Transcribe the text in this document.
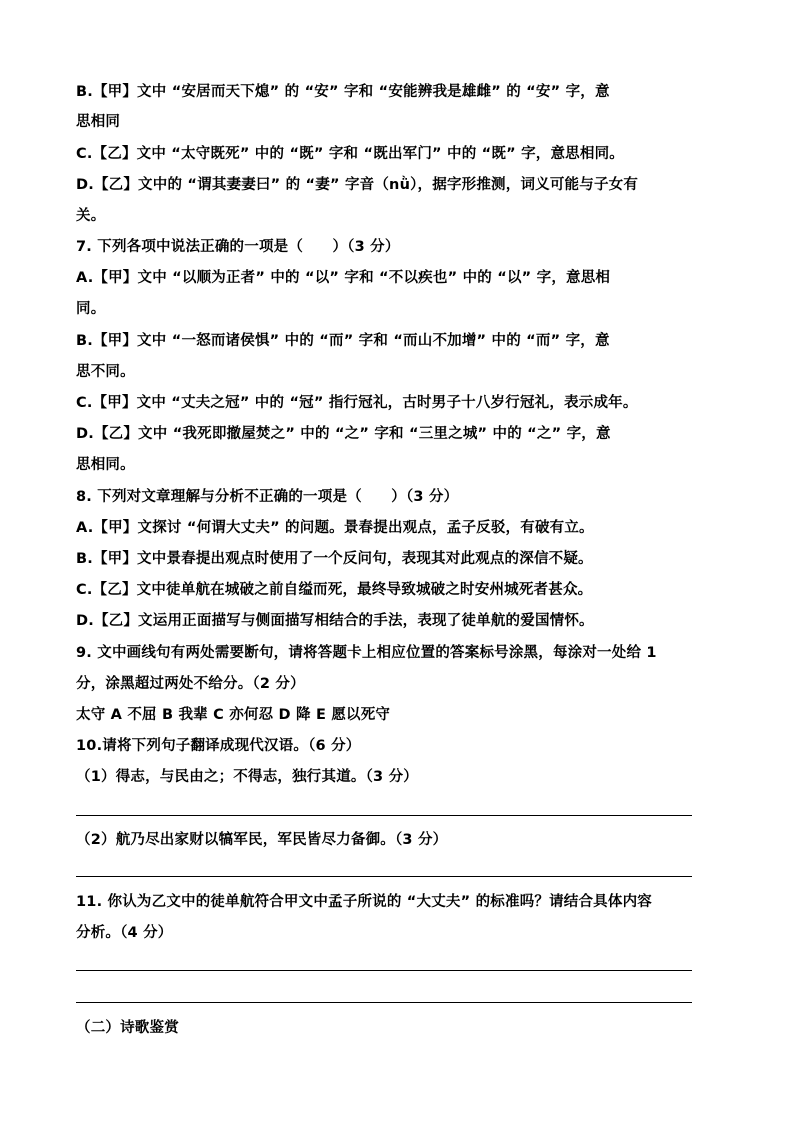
B.【甲】文中 “安居而天下熄” 的 “安” 字和 “安能辨我是雄雌” 的 “安” 字，意
思相同
C.【乙】文中 “太守既死” 中的 “既” 字和 “既出军门” 中的 “既” 字，意思相同。
D.【乙】文中的 “谓其妻妻曰” 的 “妻” 字音（nǜ），据字形推测，词义可能与子女有
关。
7. 下列各项中说法正确的一项是（　　）（3 分）
A.【甲】文中 “以顺为正者” 中的 “以” 字和 “不以疾也” 中的 “以” 字，意思相
同。
B.【甲】文中 “一怒而诸侯惧” 中的 “而” 字和 “而山不加增” 中的 “而” 字，意
思不同。
C.【甲】文中 “丈夫之冠” 中的 “冠” 指行冠礼，古时男子十八岁行冠礼，表示成年。
D.【乙】文中 “我死即撤屋焚之” 中的 “之” 字和 “三里之城” 中的 “之” 字，意
思相同。
8. 下列对文章理解与分析不正确的一项是（　　）（3 分）
A.【甲】文探讨 “何谓大丈夫” 的问题。景春提出观点，孟子反驳，有破有立。
B.【甲】文中景春提出观点时使用了一个反问句，表现其对此观点的深信不疑。
C.【乙】文中徒单航在城破之前自缢而死，最终导致城破之时安州城死者甚众。
D.【乙】文运用正面描写与侧面描写相结合的手法，表现了徒单航的爱国情怀。
9. 文中画线句有两处需要断句，请将答题卡上相应位置的答案标号涂黑，每涂对一处给 1
分，涂黑超过两处不给分。（2 分）
太守 A 不屈 B 我辈 C 亦何忍 D 降 E 愿以死守
10.请将下列句子翻译成现代汉语。（6 分）
（1）得志，与民由之；不得志，独行其道。（3 分）
（2）航乃尽出家财以犒军民，军民皆尽力备御。（3 分）
11. 你认为乙文中的徒单航符合甲文中孟子所说的 “大丈夫” 的标准吗？请结合具体内容
分析。（4 分）
（二）诗歌鉴赏
